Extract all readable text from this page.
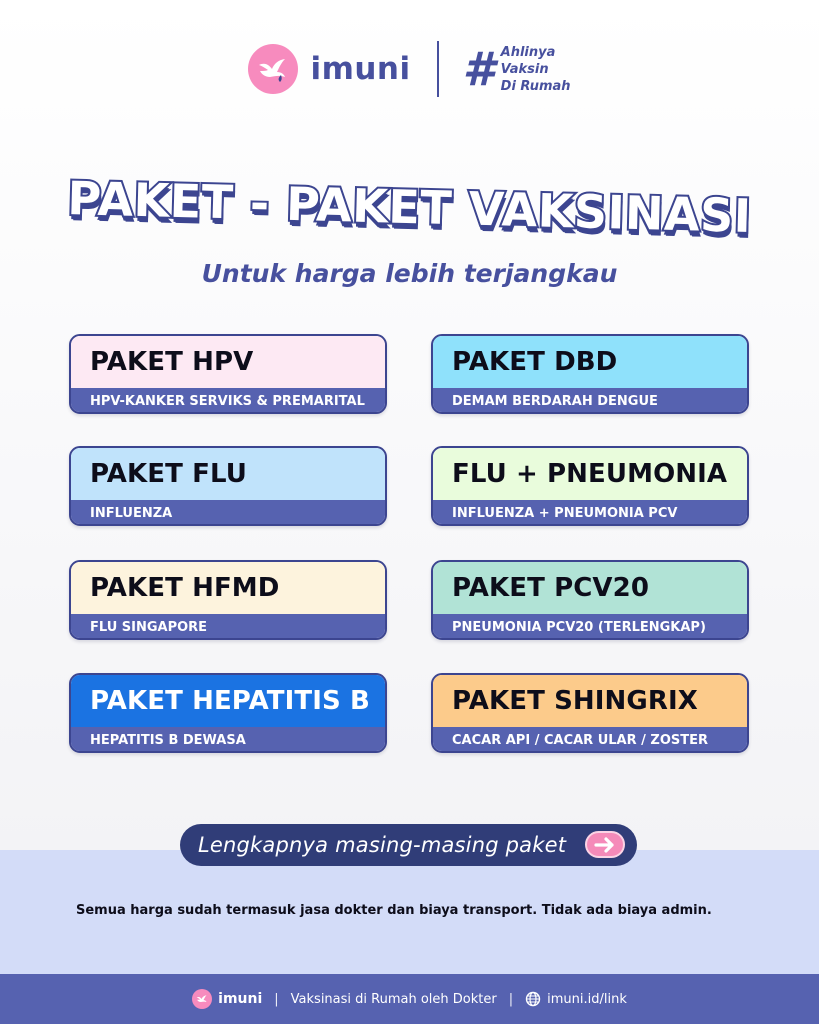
imuni # Ahlinya
Vaksin
Di Rumah
PAKET - PAKET VAKSINASI
Untuk harga lebih terjangkau
PAKET HPV
HPV-KANKER SERVIKS & PREMARITAL
PAKET DBD
DEMAM BERDARAH DENGUE
PAKET FLU
INFLUENZA
FLU + PNEUMONIA
INFLUENZA + PNEUMONIA PCV
PAKET HFMD
FLU SINGAPORE
PAKET PCV20
PNEUMONIA PCV20 (TERLENGKAP)
PAKET HEPATITIS B
HEPATITIS B DEWASA
PAKET SHINGRIX
CACAR API / CACAR ULAR / ZOSTER
Lengkapnya masing-masing paket
Semua harga sudah termasuk jasa dokter dan biaya transport. Tidak ada biaya admin.
imuni | Vaksinasi di Rumah oleh Dokter |	imuni.id/link
